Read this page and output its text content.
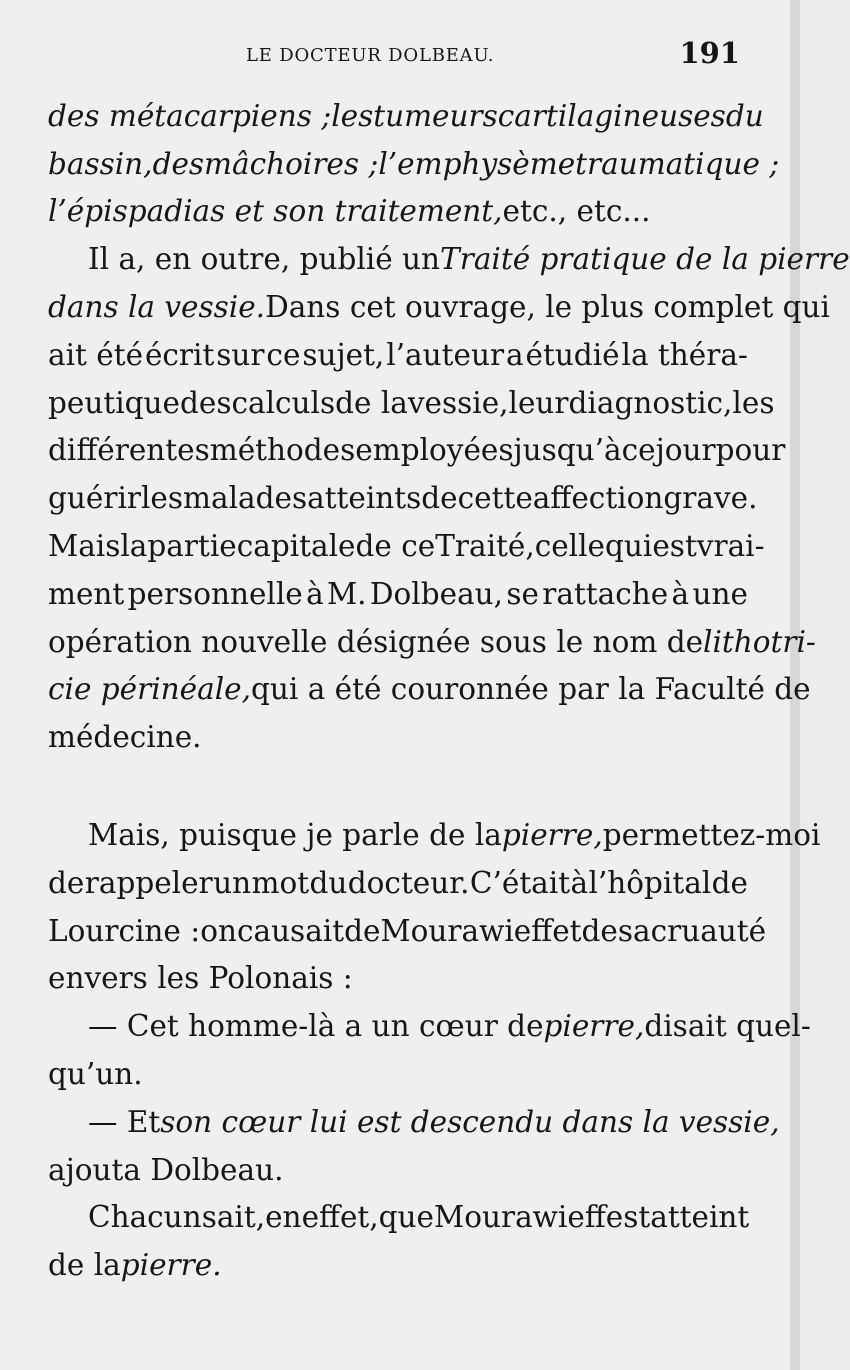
LE DOCTEUR DOLBEAU.	191
des métacarpiens ; les tumeurs cartilagineuses du
bassin, des mâchoires ; l’emphysème traumatique ;
l’épispadias et son traitement, etc., etc...
Il a, en outre, publié un Traité pratique de la pierre
dans la vessie. Dans cet ouvrage, le plus complet qui
ait été écrit sur ce sujet, l’auteur a étudié la théra-
peutique des calculs de la vessie, leur diagnostic, les
différentes méthodes employées jusqu’à ce jour pour
guérir les malades atteints de cette affection grave.
Mais la partie capitale de ce Traité, celle qui est vrai-
ment personnelle à M. Dolbeau, se rattache à une
opération nouvelle désignée sous le nom de lithotri-
cie périnéale, qui a été couronnée par la Faculté de
médecine.
Mais, puisque je parle de la pierre, permettez-moi
de rappeler un mot du docteur. C’était à l’hôpital de
Lourcine : on causait de Mourawieff et de sa cruauté
envers les Polonais :
— Cet homme-là a un cœur de pierre, disait quel-
qu’un.
— Et son cœur lui est descendu dans la vessie,
ajouta Dolbeau.
Chacun sait, en effet, que Mourawieff est atteint
de la pierre.
